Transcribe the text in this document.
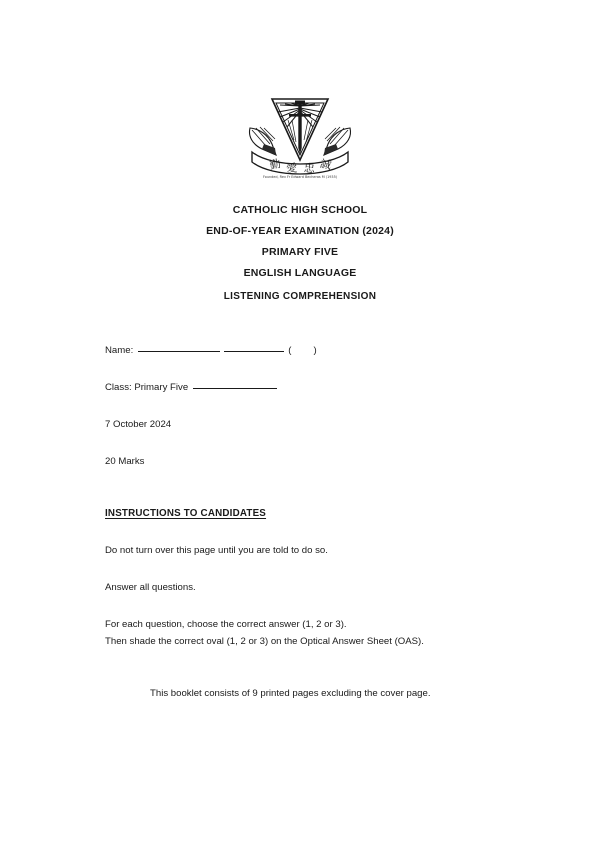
勤 愛 忠 誠
Founded, Rev Fr Edward Becheras M (1935)
CATHOLIC HIGH SCHOOL
END-OF-YEAR EXAMINATION (2024)
PRIMARY FIVE
ENGLISH LANGUAGE
LISTENING COMPREHENSION
Name:	()
Class: Primary Five
7 October 2024
20 Marks
INSTRUCTIONS TO CANDIDATES
Do not turn over this page until you are told to do so.
Answer all questions.
For each question, choose the correct answer (1, 2 or 3).
Then shade the correct oval (1, 2 or 3) on the Optical Answer Sheet (OAS).
This booklet consists of 9 printed pages excluding the cover page.
